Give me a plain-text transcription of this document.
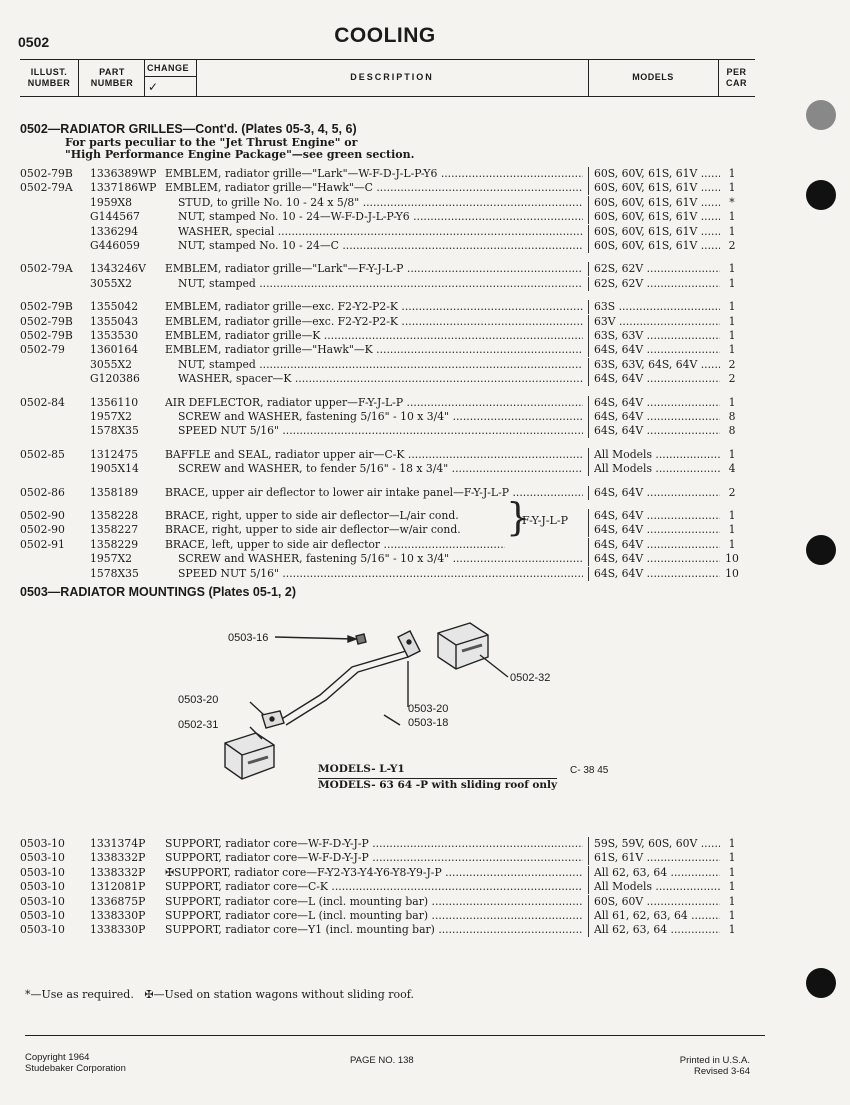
0502	COOLING
ILLUST.
NUMBER
PART
NUMBER
CHANGE
✓
DESCRIPTION	MODELS	PER
CAR
0502—RADIATOR GRILLES—Cont'd. (Plates 05-3, 4, 5, 6)
For parts peculiar to the "Jet Thrust Engine" or
"High Performance Engine Package"—see green section.
0502-79B 1336389WP EMBLEM, radiator grille—"Lark"—W-F-D-J-L-P-Y6 .....	60S, 60V, 61S, 61V .....	1
0502-79A 1337186WP EMBLEM, radiator grille—"Hawk"—C .....	60S, 60V, 61S, 61V .....	1
1959X8	STUD, to grille No. 10 - 24 x 5/8" .....	60S, 60V, 61S, 61V .....	*
G144567	NUT, stamped No. 10 - 24—W-F-D-J-L-P-Y6 .....	60S, 60V, 61S, 61V .....	1
1336294	WASHER, special .....	60S, 60V, 61S, 61V .....	1
G446059	NUT, stamped No. 10 - 24—C .....	60S, 60V, 61S, 61V .....	2
0502-79A 1343246V EMBLEM, radiator grille—"Lark"—F-Y-J-L-P .....	62S, 62V .....	1
3055X2	NUT, stamped .....	62S, 62V .....	1
0502-79B 1355042 EMBLEM, radiator grille—exc. F2-Y2-P2-K .....	63S .....	1
0502-79B 1355043 EMBLEM, radiator grille—exc. F2-Y2-P2-K .....	63V .....	1
0502-79B 1353530 EMBLEM, radiator grille—K .....	63S, 63V .....	1
0502-79 1360164 EMBLEM, radiator grille—"Hawk"—K .....	64S, 64V .....	1
3055X2	NUT, stamped .....	63S, 63V, 64S, 64V .....	2
G120386	WASHER, spacer—K .....	64S, 64V .....	2
0502-84 1356110 AIR DEFLECTOR, radiator upper—F-Y-J-L-P .....	64S, 64V .....	1
1957X2	SCREW and WASHER, fastening 5/16" - 10 x 3/4" .....	64S, 64V .....	8
1578X35	SPEED NUT 5/16" .....	64S, 64V .....	8
0502-85 1312475 BAFFLE and SEAL, radiator upper air—C-K .....	All Models .....	1
1905X14	SCREW and WASHER, to fender 5/16" - 18 x 3/4" .....	All Models .....	4
0502-86 1358189 BRACE, upper air deflector to lower air intake panel—F-Y-J-L-P .....	64S, 64V .....	2
0502-90 1358228 BRACE, right, upper to side air deflector—L/air cond.	64S, 64V .....	1
0502-90 1358227 BRACE, right, upper to side air deflector—w/air cond.	64S, 64V .....	1
0502-91 1358229 BRACE, left, upper to side air deflector .....	64S, 64V .....	1
1957X2	SCREW and WASHER, fastening 5/16" - 10 x 3/4" .....	64S, 64V .....	10
1578X35	SPEED NUT 5/16" .....	64S, 64V .....	10
}
F-Y-J-L-P
0503—RADIATOR MOUNTINGS (Plates 05-1, 2)
0503-16
0502-32
0503-20
0502-31
0503-20
0503-18
MODELS- L-Y1
MODELS- 63 64 -P with sliding roof only
C- 38 45
0503-10 1331374P SUPPORT, radiator core—W-F-D-Y-J-P .....	59S, 59V, 60S, 60V .....	1
0503-10 1338332P SUPPORT, radiator core—W-F-D-Y-J-P .....	61S, 61V .....	1
0503-10 1338332P ✠SUPPORT, radiator core—F-Y2-Y3-Y4-Y6-Y8-Y9-J-P .....	All 62, 63, 64 .....	1
0503-10 1312081P SUPPORT, radiator core—C-K .....	All Models .....	1
0503-10 1336875P SUPPORT, radiator core—L (incl. mounting bar) .....	60S, 60V .....	1
0503-10 1338330P SUPPORT, radiator core—L (incl. mounting bar) .....	All 61, 62, 63, 64 .....	1
0503-10 1338330P SUPPORT, radiator core—Y1 (incl. mounting bar) .....	All 62, 63, 64 .....	1
*—Use as required.   ✠—Used on station wagons without sliding roof.
Copyright 1964
Studebaker Corporation
PAGE NO. 138	Printed in U.S.A.
Revised 3-64
